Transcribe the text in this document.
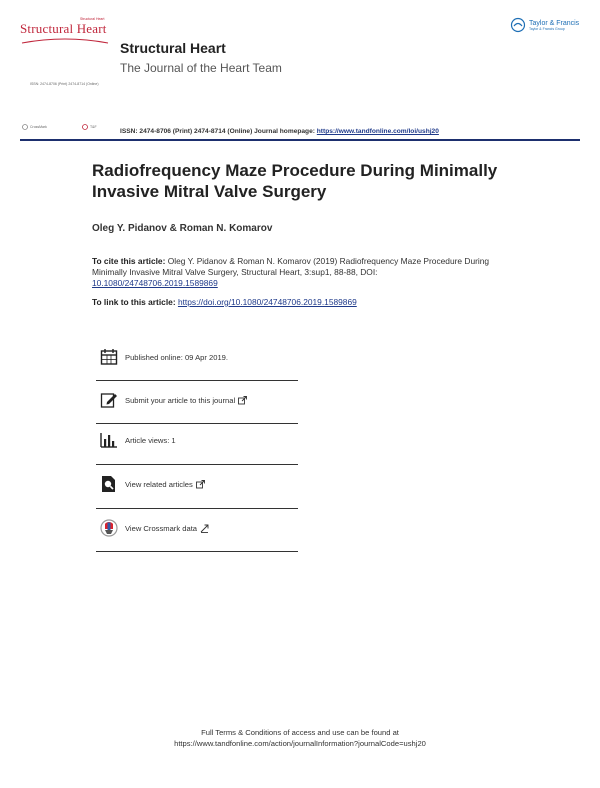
Structural Heart
Structural Heart
ISSN: 2474-8706 (Print) 2474-8714 (Online)
Taylor & Francis
Taylor & Francis Group
Structural Heart
The Journal of the Heart Team
CrossMark	T&F
ISSN: 2474-8706 (Print) 2474-8714 (Online) Journal homepage: https://www.tandfonline.com/loi/ushj20
Radiofrequency Maze Procedure During Minimally
Invasive Mitral Valve Surgery
Oleg Y. Pidanov & Roman N. Komarov
To cite this article: Oleg Y. Pidanov & Roman N. Komarov (2019) Radiofrequency Maze Procedure During Minimally Invasive Mitral Valve Surgery, Structural Heart, 3:sup1, 88-88, DOI: 10.1080/24748706.2019.1589869
To link to this article: https://doi.org/10.1080/24748706.2019.1589869
Published online: 09 Apr 2019.
Submit your article to this journal
Article views: 1
View related articles
View Crossmark data
Full Terms & Conditions of access and use can be found at
https://www.tandfonline.com/action/journalInformation?journalCode=ushj20
